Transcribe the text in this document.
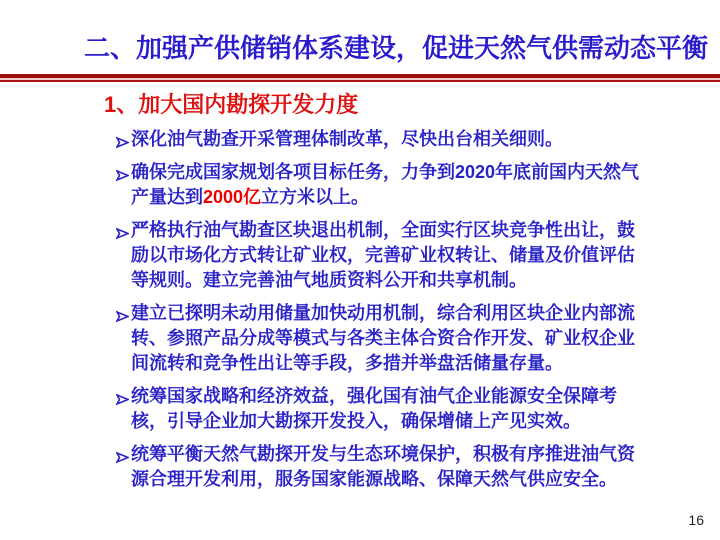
二、加强产供储销体系建设，促进天然气供需动态平衡
1、加大国内勘探开发力度
深化油气勘查开采管理体制改革，尽快出台相关细则。
确保完成国家规划各项目标任务，力争到2020年底前国内天然气产量达到2000亿立方米以上。
严格执行油气勘查区块退出机制，全面实行区块竞争性出让，鼓励以市场化方式转让矿业权，完善矿业权转让、储量及价值评估等规则。建立完善油气地质资料公开和共享机制。
建立已探明未动用储量加快动用机制，综合利用区块企业内部流转、参照产品分成等模式与各类主体合资合作开发、矿业权企业间流转和竞争性出让等手段，多措并举盘活储量存量。
统筹国家战略和经济效益，强化国有油气企业能源安全保障考核，引导企业加大勘探开发投入，确保增储上产见实效。
统筹平衡天然气勘探开发与生态环境保护，积极有序推进油气资源合理开发利用，服务国家能源战略、保障天然气供应安全。
16
